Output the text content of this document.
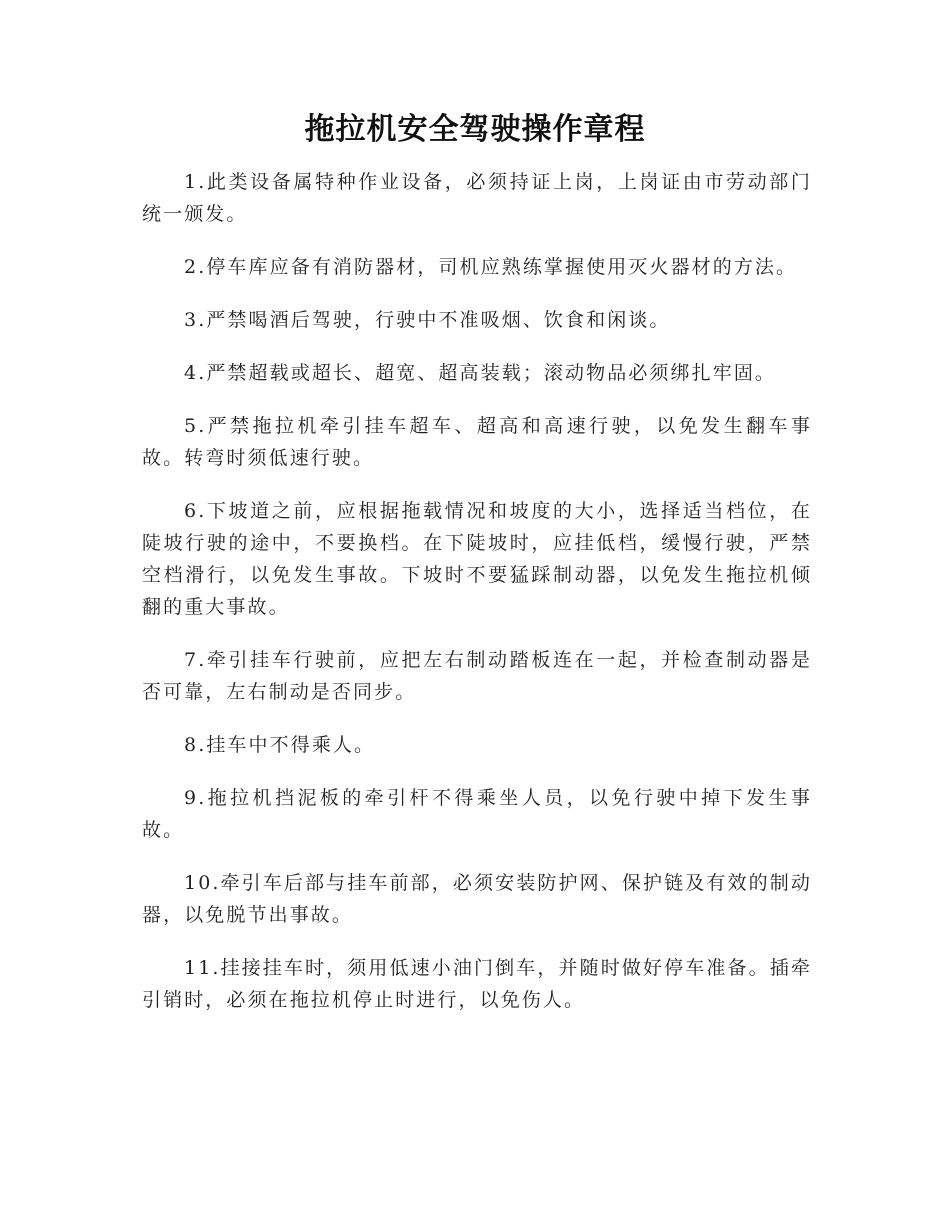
拖拉机安全驾驶操作章程

1.此类设备属特种作业设备，必须持证上岗，上岗证由市劳动部门统一颁发。

2.停车库应备有消防器材，司机应熟练掌握使用灭火器材的方法。

3.严禁喝酒后驾驶，行驶中不准吸烟、饮食和闲谈。

4.严禁超载或超长、超宽、超高装载；滚动物品必须绑扎牢固。

5.严禁拖拉机牵引挂车超车、超高和高速行驶，以免发生翻车事故。转弯时须低速行驶。

6.下坡道之前，应根据拖载情况和坡度的大小，选择适当档位，在陡坡行驶的途中，不要换档。在下陡坡时，应挂低档，缓慢行驶，严禁空档滑行，以免发生事故。下坡时不要猛踩制动器，以免发生拖拉机倾翻的重大事故。

7.牵引挂车行驶前，应把左右制动踏板连在一起，并检查制动器是否可靠，左右制动是否同步。

8.挂车中不得乘人。

9.拖拉机挡泥板的牵引杆不得乘坐人员，以免行驶中掉下发生事故。

10.牵引车后部与挂车前部，必须安装防护网、保护链及有效的制动器，以免脱节出事故。

11.挂接挂车时，须用低速小油门倒车，并随时做好停车准备。插牵引销时，必须在拖拉机停止时进行，以免伤人。
